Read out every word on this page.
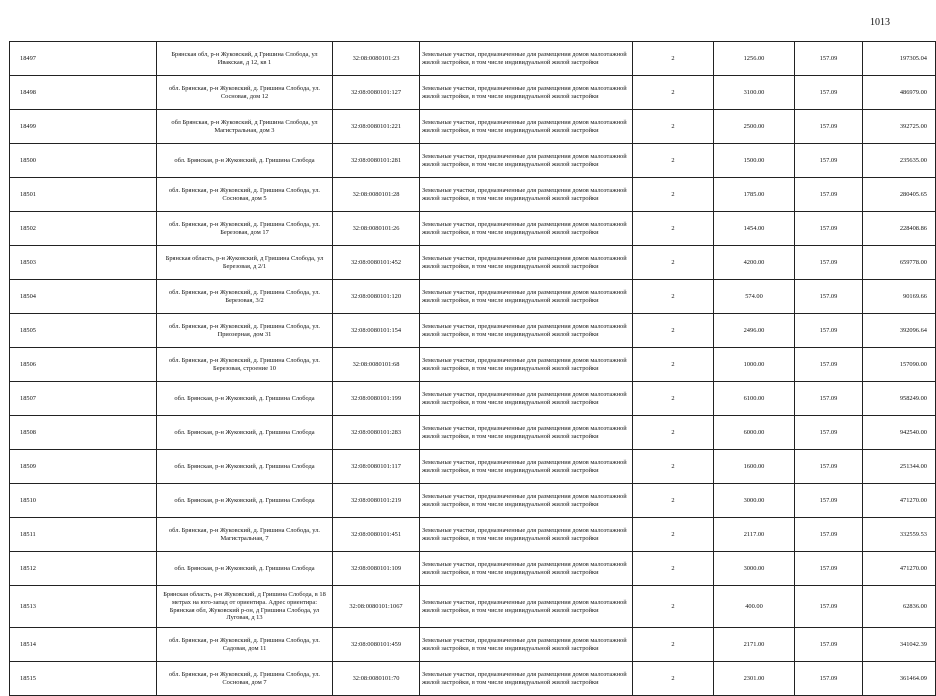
1013
18497	Брянская обл, р-н Жуковский, д Гришина Слобода, ул Ивакская, д 12, кв 1	32:08:0080101:23	Земельные участки, предназначенные для размещения домов малоэтажной жилой застройки, в том числе индивидуальной жилой застройки	2	1256.00	157.09	197305.04
18498	обл. Брянская, р-н Жуковский, д. Гришина Слобода, ул. Сосновая, дом 12	32:08:0080101:127	Земельные участки, предназначенные для размещения домов малоэтажной жилой застройки, в том числе индивидуальной жилой застройки	2	3100.00	157.09	486979.00
18499	обл Брянская, р-н Жуковский, д Гришина Слобода, ул Магистральная, дом 3	32:08:0080101:221	Земельные участки, предназначенные для размещения домов малоэтажной жилой застройки, в том числе индивидуальной жилой застройки	2	2500.00	157.09	392725.00
18500	обл. Брянская, р-н Жуковский, д. Гришина Слобода	32:08:0080101:281	Земельные участки, предназначенные для размещения домов малоэтажной жилой застройки, в том числе индивидуальной жилой застройки	2	1500.00	157.09	235635.00
18501	обл. Брянская, р-н Жуковский, д. Гришина Слобода, ул. Сосновая, дом 5	32:08:0080101:28	Земельные участки, предназначенные для размещения домов малоэтажной жилой застройки, в том числе индивидуальной жилой застройки	2	1785.00	157.09	280405.65
18502	обл. Брянская, р-н Жуковский, д. Гришина Слобода, ул. Березовая, дом 17	32:08:0080101:26	Земельные участки, предназначенные для размещения домов малоэтажной жилой застройки, в том числе индивидуальной жилой застройки	2	1454.00	157.09	228408.86
18503	Брянская область, р-н Жуковский, д Гришина Слобода, ул Березовая, д 2/1	32:08:0080101:452	Земельные участки, предназначенные для размещения домов малоэтажной жилой застройки, в том числе индивидуальной жилой застройки	2	4200.00	157.09	659778.00
18504	обл. Брянская, р-н Жуковский, д. Гришина Слобода, ул. Березовая, 3/2	32:08:0080101:120	Земельные участки, предназначенные для размещения домов малоэтажной жилой застройки, в том числе индивидуальной жилой застройки	2	574.00	157.09	90169.66
18505	обл. Брянская, р-н Жуковский, д. Гришина Слобода, ул. Приозерная, дом 31	32:08:0080101:154	Земельные участки, предназначенные для размещения домов малоэтажной жилой застройки, в том числе индивидуальной жилой застройки	2	2496.00	157.09	392096.64
18506	обл. Брянская, р-н Жуковский, д. Гришина Слобода, ул. Березовая, строение 10	32:08:0080101:68	Земельные участки, предназначенные для размещения домов малоэтажной жилой застройки, в том числе индивидуальной жилой застройки	2	1000.00	157.09	157090.00
18507	обл. Брянская, р-н Жуковский, д. Гришина Слобода	32:08:0080101:199	Земельные участки, предназначенные для размещения домов малоэтажной жилой застройки, в том числе индивидуальной жилой застройки	2	6100.00	157.09	958249.00
18508	обл. Брянская, р-н Жуковский, д. Гришина Слобода	32:08:0080101:283	Земельные участки, предназначенные для размещения домов малоэтажной жилой застройки, в том числе индивидуальной жилой застройки	2	6000.00	157.09	942540.00
18509	обл. Брянская, р-н Жуковский, д. Гришина Слобода	32:08:0080101:117	Земельные участки, предназначенные для размещения домов малоэтажной жилой застройки, в том числе индивидуальной жилой застройки	2	1600.00	157.09	251344.00
18510	обл. Брянская, р-н Жуковский, д. Гришина Слобода	32:08:0080101:219	Земельные участки, предназначенные для размещения домов малоэтажной жилой застройки, в том числе индивидуальной жилой застройки	2	3000.00	157.09	471270.00
18511	обл. Брянская, р-н Жуковский, д. Гришина Слобода, ул. Магистральная, 7	32:08:0080101:451	Земельные участки, предназначенные для размещения домов малоэтажной жилой застройки, в том числе индивидуальной жилой застройки	2	2117.00	157.09	332559.53
18512	обл. Брянская, р-н Жуковский, д. Гришина Слобода	32:08:0080101:109	Земельные участки, предназначенные для размещения домов малоэтажной жилой застройки, в том числе индивидуальной жилой застройки	2	3000.00	157.09	471270.00
18513	Брянская область, р-н Жуковский, д Гришина Слобода, в 18 метрах на юго-запад от ориентира. Адрес ориентира: Брянская обл, Жуковский р-он, д Гришина Слобода, ул Луговая, д 13	32:08:0080101:1067	Земельные участки, предназначенные для размещения домов малоэтажной жилой застройки, в том числе индивидуальной жилой застройки	2	400.00	157.09	62836.00
18514	обл. Брянская, р-н Жуковский, д. Гришина Слобода, ул. Садовая, дом 11	32:08:0080101:459	Земельные участки, предназначенные для размещения домов малоэтажной жилой застройки, в том числе индивидуальной жилой застройки	2	2171.00	157.09	341042.39
18515	обл. Брянская, р-н Жуковский, д. Гришина Слобода, ул. Сосновая, дом 7	32:08:0080101:70	Земельные участки, предназначенные для размещения домов малоэтажной жилой застройки, в том числе индивидуальной жилой застройки	2	2301.00	157.09	361464.09
